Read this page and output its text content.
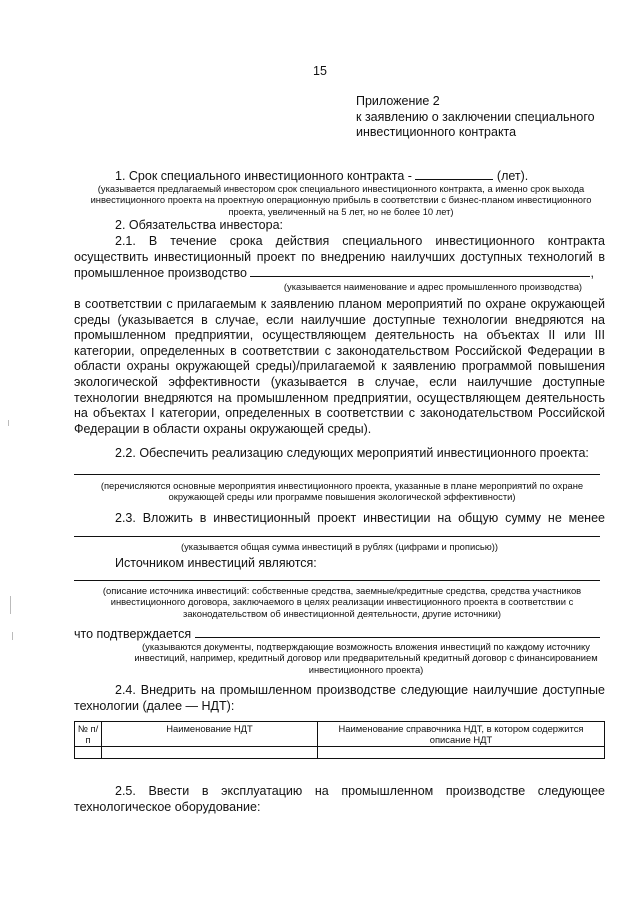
15
Приложение 2
к заявлению о заключении специального
инвестиционного контракта
1. Срок специального инвестиционного контракта -	(лет).
(указывается предлагаемый инвестором срок специального инвестиционного контракта, а именно срок выхода инвестиционного проекта на проектную операционную прибыль в соответствии с бизнес-планом инвестиционного проекта, увеличенный на 5 лет, но не более 10 лет)
2. Обязательства инвестора:
2.1. В течение срока действия специального инвестиционного контракта
осуществить инвестиционный проект по внедрению наилучших доступных технологий в
промышленное производство	,
(указывается наименование и адрес промышленного производства)
в соответствии с прилагаемым к заявлению планом мероприятий по охране окружающей среды (указывается в случае, если наилучшие доступные технологии внедряются на промышленном предприятии, осуществляющем деятельность на объектах II или III категории, определенных в соответствии с законодательством Российской Федерации в области охраны окружающей среды)/прилагаемой к заявлению программой повышения экологической эффективности (указывается в случае, если наилучшие доступные технологии внедряются на промышленном предприятии, осуществляющем деятельность на объектах I категории, определенных в соответствии с законодательством Российской Федерации в области охраны окружающей среды).
2.2. Обеспечить реализацию следующих мероприятий инвестиционного проекта:
(перечисляются основные мероприятия инвестиционного проекта, указанные в плане мероприятий по охране окружающей среды или программе повышения экологической эффективности)
2.3. Вложить в инвестиционный проект инвестиции на общую сумму не менее
(указывается общая сумма инвестиций в рублях (цифрами и прописью))
Источником инвестиций являются:
(описание источника инвестиций: собственные средства, заемные/кредитные средства, средства участников инвестиционного договора, заключаемого в целях реализации инвестиционного проекта в соответствии с законодательством об инвестиционной деятельности, другие источники)
что подтверждается
(указываются документы, подтверждающие возможность вложения инвестиций по каждому источнику инвестиций, например, кредитный договор или предварительный кредитный договор с финансированием инвестиционного проекта)
2.4. Внедрить на промышленном производстве следующие наилучшие доступные
технологии (далее — НДТ):
№ п/п	Наименование НДТ	Наименование справочника НДТ, в котором содержится описание НДТ

2.5. Ввести в эксплуатацию на промышленном производстве следующее
технологическое оборудование:
